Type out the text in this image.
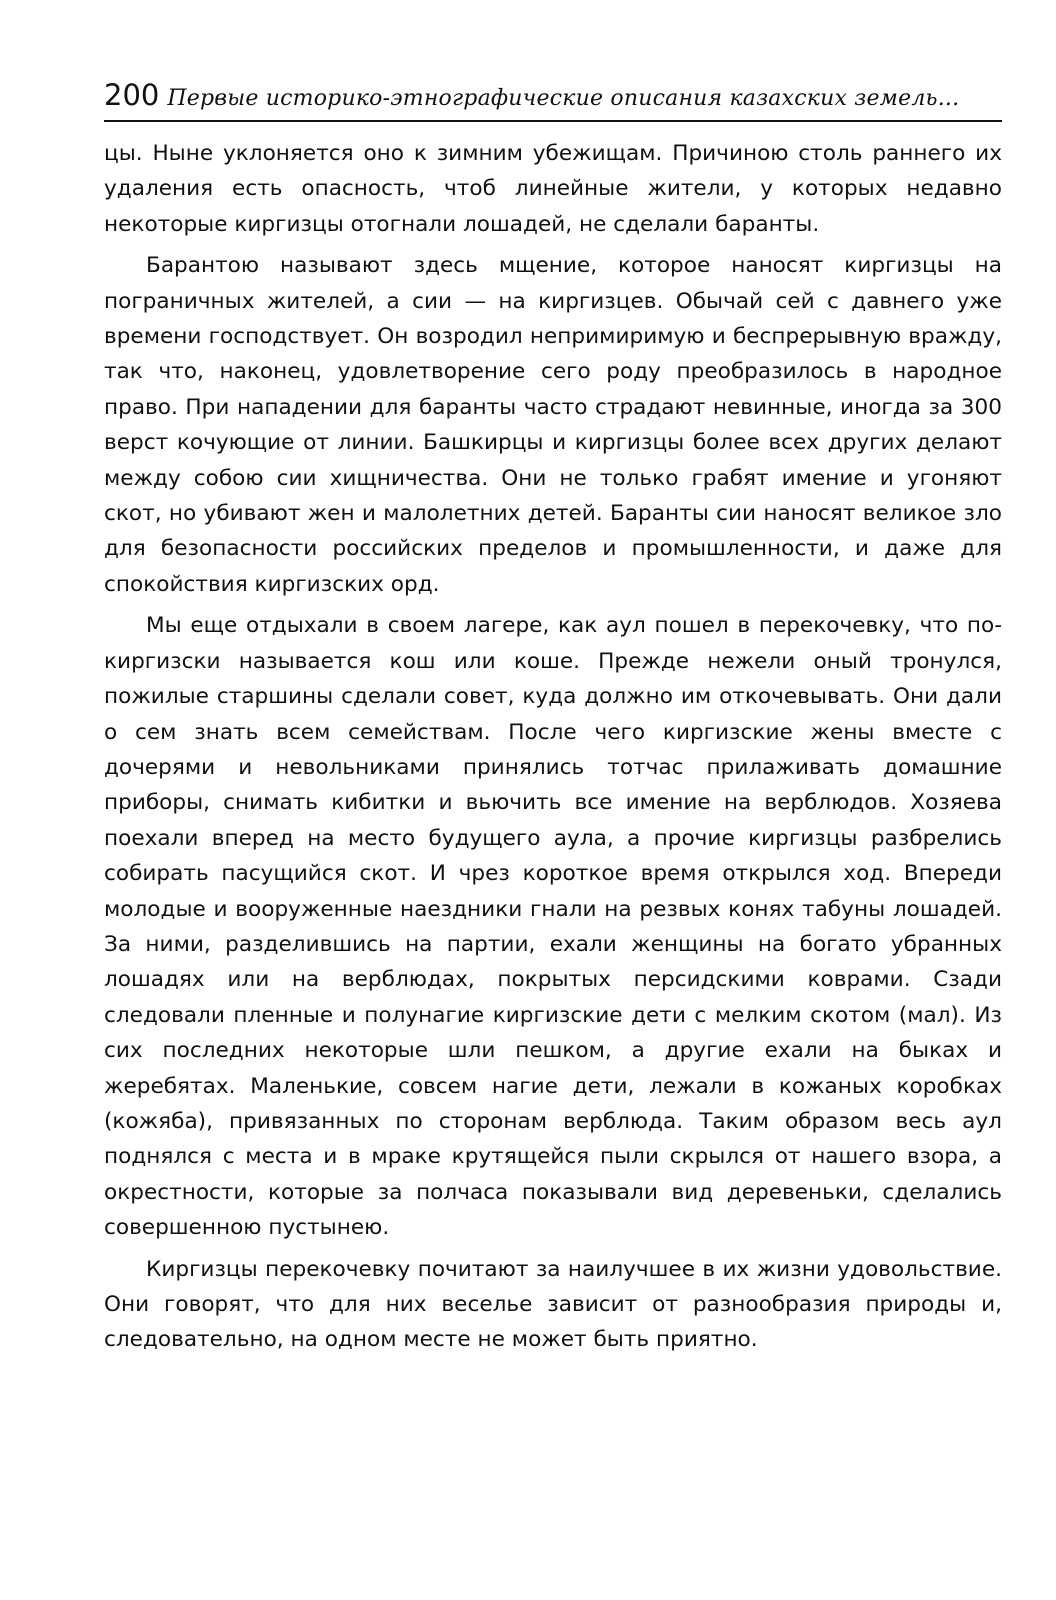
200 Первые историко-этнографические описания казахских земель...

цы. Ныне уклоняется оно к зимним убежищам. Причиною столь раннего их удаления есть опасность, чтоб линейные жители, у которых недавно некоторые киргизцы отогнали лошадей, не сделали баранты.

Барантою называют здесь мщение, которое наносят киргизцы на пограничных жителей, а сии — на киргизцев. Обычай сей с давнего уже времени господствует. Он возродил непримиримую и беспрерывную вражду, так что, наконец, удовлетворение сего роду преобразилось в народное право. При нападении для баранты часто страдают невинные, иногда за 300 верст кочующие от линии. Башкирцы и киргизцы более всех других делают между собою сии хищничества. Они не только грабят имение и угоняют скот, но убивают жен и малолетних детей. Баранты сии наносят великое зло для безопасности российских пределов и промышленности, и даже для спокойствия киргизских орд.

Мы еще отдыхали в своем лагере, как аул пошел в перекочевку, что по-киргизски называется кош или коше. Прежде нежели оный тронулся, пожилые старшины сделали совет, куда должно им откочевывать. Они дали о сем знать всем семействам. После чего киргизские жены вместе с дочерями и невольниками принялись тотчас прилаживать домашние приборы, снимать кибитки и вьючить все имение на верблюдов. Хозяева поехали вперед на место будущего аула, а прочие киргизцы разбрелись собирать пасущийся скот. И чрез короткое время открылся ход. Впереди молодые и вооруженные наездники гнали на резвых конях табуны лошадей. За ними, разделившись на партии, ехали женщины на богато убранных лошадях или на верблюдах, покрытых персидскими коврами. Сзади следовали пленные и полунагие киргизские дети с мелким скотом (мал). Из сих последних некоторые шли пешком, а другие ехали на быках и жеребятах. Маленькие, совсем нагие дети, лежали в кожаных коробках (кожяба), привязанных по сторонам верблюда. Таким образом весь аул поднялся с места и в мраке крутящейся пыли скрылся от нашего взора, а окрестности, которые за полчаса показывали вид деревеньки, сделались совершенною пустынею.

Киргизцы перекочевку почитают за наилучшее в их жизни удовольствие. Они говорят, что для них веселье зависит от разнообразия природы и, следовательно, на одном месте не может быть приятно.
